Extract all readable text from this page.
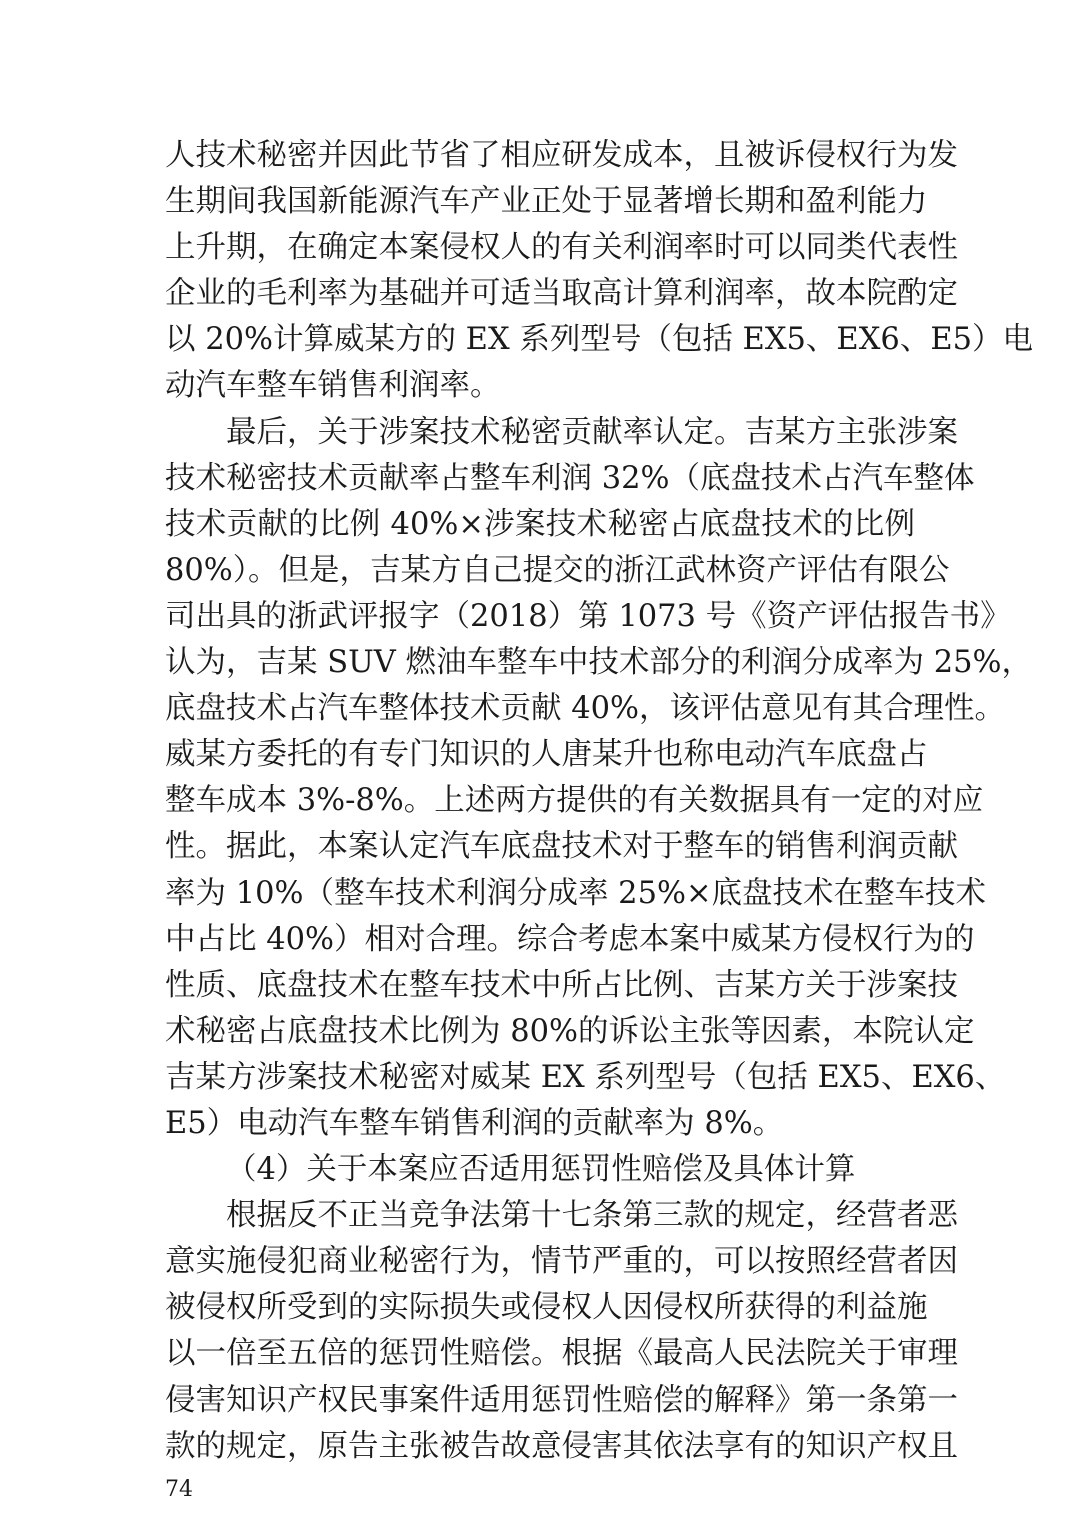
人技术秘密并因此节省了相应研发成本，且被诉侵权行为发
生期间我国新能源汽车产业正处于显著增长期和盈利能力
上升期，在确定本案侵权人的有关利润率时可以同类代表性
企业的毛利率为基础并可适当取高计算利润率，故本院酌定
以 20%计算威某方的 EX 系列型号（包括 EX5、EX6、E5）电
动汽车整车销售利润率。
最后，关于涉案技术秘密贡献率认定。吉某方主张涉案
技术秘密技术贡献率占整车利润 32%（底盘技术占汽车整体
技术贡献的比例 40%×涉案技术秘密占底盘技术的比例
80%）。但是，吉某方自己提交的浙江武林资产评估有限公
司出具的浙武评报字（2018）第 1073 号《资产评估报告书》
认为，吉某 SUV 燃油车整车中技术部分的利润分成率为 25%，
底盘技术占汽车整体技术贡献 40%，该评估意见有其合理性。
威某方委托的有专门知识的人唐某升也称电动汽车底盘占
整车成本 3%-8%。上述两方提供的有关数据具有一定的对应
性。据此，本案认定汽车底盘技术对于整车的销售利润贡献
率为 10%（整车技术利润分成率 25%×底盘技术在整车技术
中占比 40%）相对合理。综合考虑本案中威某方侵权行为的
性质、底盘技术在整车技术中所占比例、吉某方关于涉案技
术秘密占底盘技术比例为 80%的诉讼主张等因素，本院认定
吉某方涉案技术秘密对威某 EX 系列型号（包括 EX5、EX6、
E5）电动汽车整车销售利润的贡献率为 8%。
（4）关于本案应否适用惩罚性赔偿及具体计算
根据反不正当竞争法第十七条第三款的规定，经营者恶
意实施侵犯商业秘密行为，情节严重的，可以按照经营者因
被侵权所受到的实际损失或侵权人因侵权所获得的利益施
以一倍至五倍的惩罚性赔偿。根据《最高人民法院关于审理
侵害知识产权民事案件适用惩罚性赔偿的解释》第一条第一
款的规定，原告主张被告故意侵害其依法享有的知识产权且
74
